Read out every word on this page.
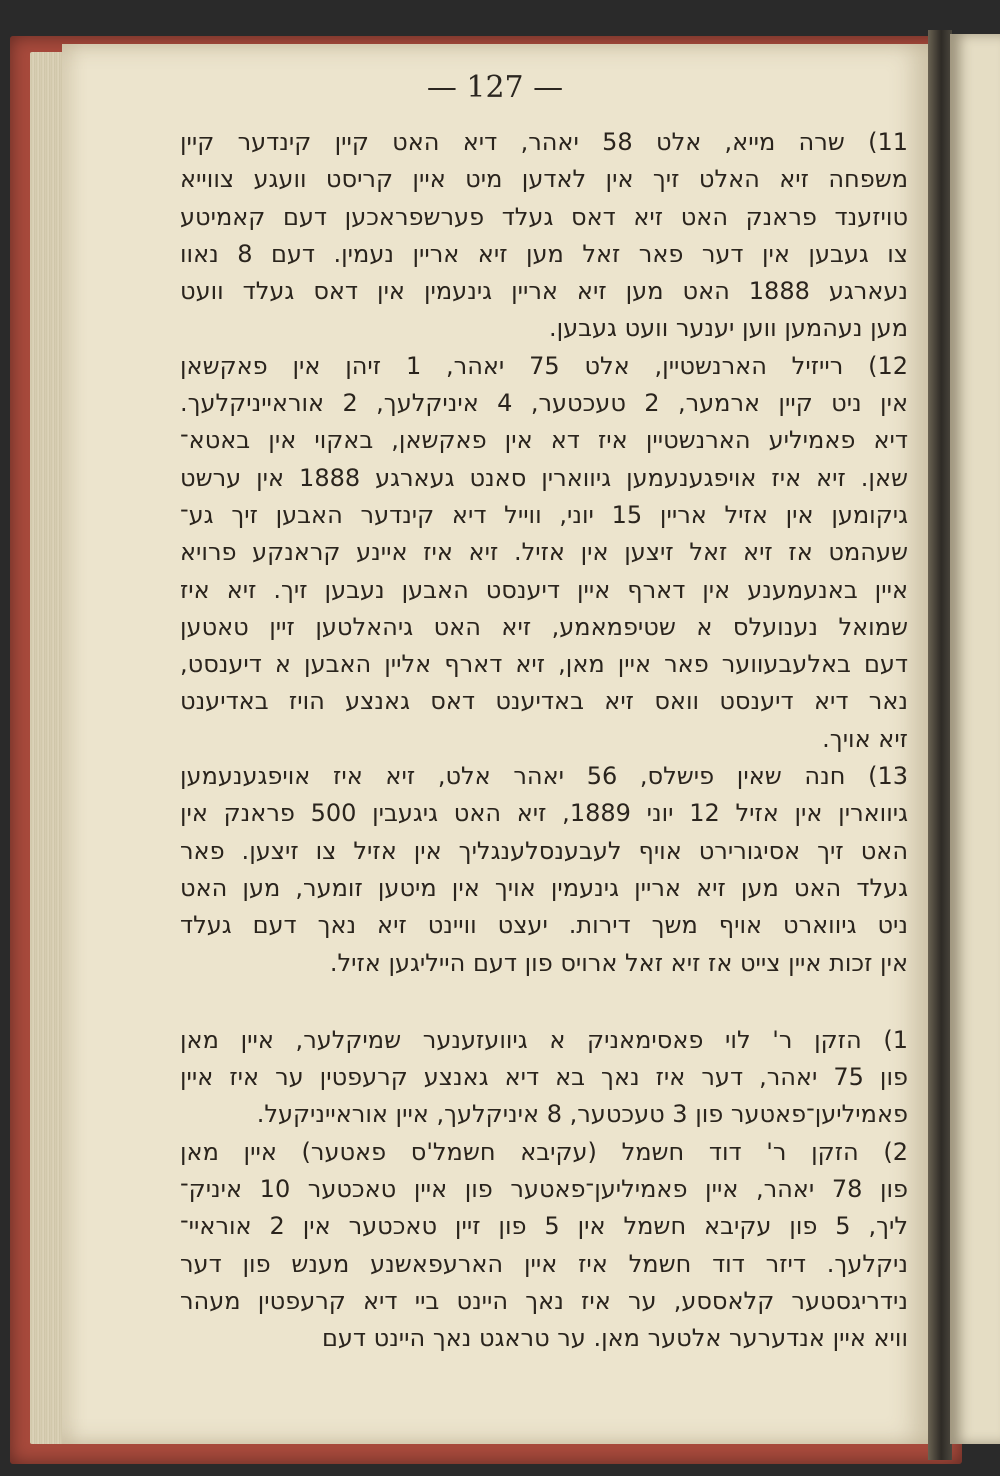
— 127 —
11) שרה מייא, אלט 58 יאהר, דיא האט קיין קינדער קיין
משפחה זיא האלט זיך אין לאדען מיט איין קריסט וועגע צווייא
טויזענד פראנק האט זיא דאס געלד פערשפראכען דעם קאמיטע
צו געבען אין דער פאר זאל מען זיא אריין נעמין. דעם 8 נאוו
נעארגע 1888 האט מען זיא אריין גינעמין אין דאס געלד וועט
מען נעהמען ווען יענער וועט געבען.
12) רייזיל הארנשטיין, אלט 75 יאהר, 1 זיהן אין פאקשאן
אין ניט קיין ארמער, 2 טעכטער, 4 איניקלעך, 2 אוראייניקלעך.
דיא פאמיליע הארנשטיין איז דא אין פאקשאן, באקוי אין באטא־
שאן. זיא איז אויפגענעמען גיווארין סאנט געארגע 1888 אין ערשט
גיקומען אין אזיל אריין 15 יוני, ווייל דיא קינדער האבען זיך גע־
שעהמט אז זיא זאל זיצען אין אזיל. זיא איז איינע קראנקע פרויא
איין באנעמענע אין דארף איין דיענסט האבען נעבען זיך. זיא איז
שמואל נענועלס א שטיפמאמע, זיא האט גיהאלטען זיין טאטען
דעם באלעבעווער פאר איין מאן, זיא דארף אליין האבען א דיענסט,
נאר דיא דיענסט וואס זיא באדיענט דאס גאנצע הויז באדיענט
זיא אויך.
13) חנה שאין פישלס, 56 יאהר אלט, זיא איז אויפגענעמען
גיווארין אין אזיל 12 יוני 1889, זיא האט גיגעבין 500 פראנק אין
האט זיך אסיגורירט אויף לעבענסלענגליך אין אזיל צו זיצען. פאר
געלד האט מען זיא אריין גינעמין אויך אין מיטען זומער, מען האט
ניט גיווארט אויף משך דירות. יעצט וויינט זיא נאך דעם געלד
אין זכות איין צייט אז זיא זאל ארויס פון דעם הייליגען אזיל.
1) הזקן ר' לוי פאסימאניק א גיוועזענער שמיקלער, איין מאן
פון 75 יאהר, דער איז נאך בא דיא גאנצע קרעפטין ער איז איין
פאמיליען־פאטער פון 3 טעכטער, 8 איניקלעך, איין אוראייניקעל.
2) הזקן ר' דוד חשמל (עקיבא חשמל'ס פאטער) איין מאן
פון 78 יאהר, איין פאמיליען־פאטער פון איין טאכטער 10 איניק־
ליך, 5 פון עקיבא חשמל אין 5 פון זיין טאכטער אין 2 אוראיי־
ניקלעך. דיזר דוד חשמל איז איין הארעפאשנע מענש פון דער
נידריגסטער קלאססע, ער איז נאך היינט ביי דיא קרעפטין מעהר
וויא איין אנדערער אלטער מאן. ער טראגט נאך היינט דעם
